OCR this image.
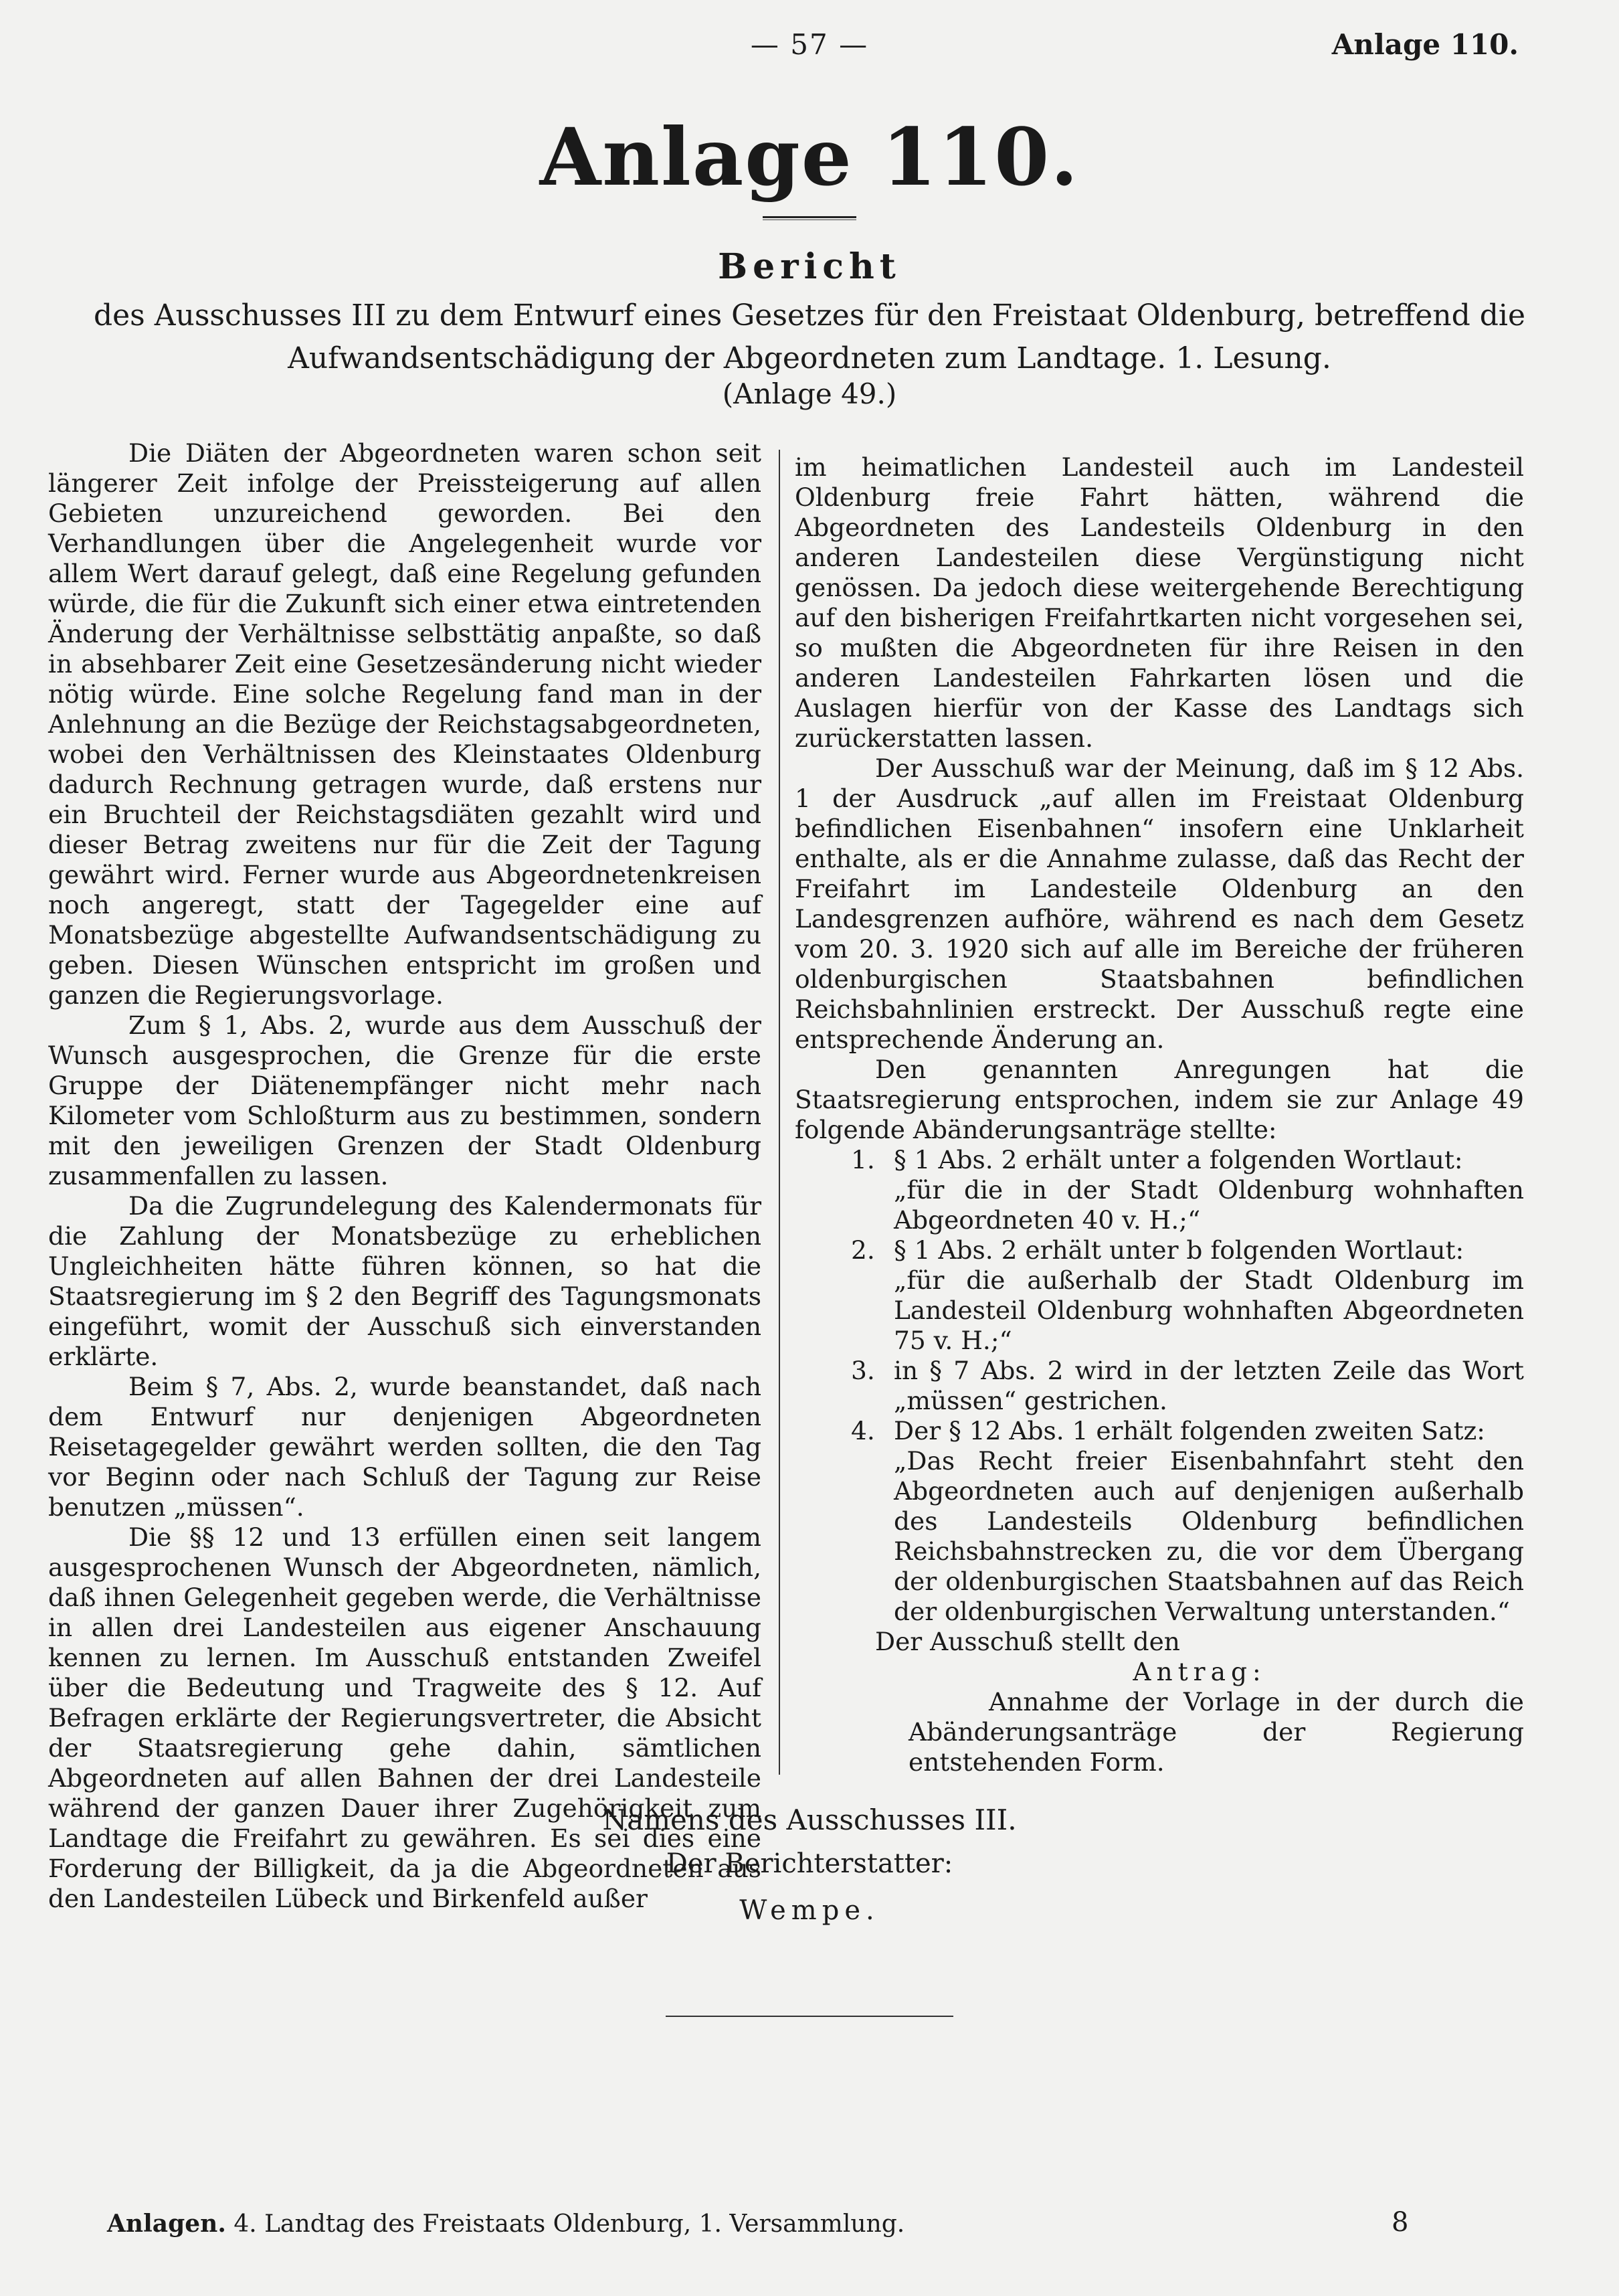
— 57 —	Anlage 110.
Anlage 110.
Bericht
des Ausschusses III zu dem Entwurf eines Gesetzes für den Freistaat Oldenburg, betreffend die Aufwandsentschädigung der Abgeordneten zum Landtage. 1. Lesung.
(Anlage 49.)

Die Diäten der Abgeordneten waren schon seit längerer Zeit infolge der Preissteigerung auf allen Gebieten unzureichend geworden. Bei den Verhandlungen über die Angelegenheit wurde vor allem Wert darauf gelegt, daß eine Regelung gefunden würde, die für die Zukunft sich einer etwa eintretenden Änderung der Verhältnisse selbsttätig anpaßte, so daß in absehbarer Zeit eine Gesetzesänderung nicht wieder nötig würde. Eine solche Regelung fand man in der Anlehnung an die Bezüge der Reichstagsabgeordneten, wobei den Verhältnissen des Kleinstaates Oldenburg dadurch Rechnung getragen wurde, daß erstens nur ein Bruchteil der Reichstagsdiäten gezahlt wird und dieser Betrag zweitens nur für die Zeit der Tagung gewährt wird. Ferner wurde aus Abgeordnetenkreisen noch angeregt, statt der Tagegelder eine auf Monatsbezüge abgestellte Aufwandsentschädigung zu geben. Diesen Wünschen entspricht im großen und ganzen die Regierungsvorlage.

Zum § 1, Abs. 2, wurde aus dem Ausschuß der Wunsch ausgesprochen, die Grenze für die erste Gruppe der Diätenempfänger nicht mehr nach Kilometer vom Schloßturm aus zu bestimmen, sondern mit den jeweiligen Grenzen der Stadt Oldenburg zusammenfallen zu lassen.

Da die Zugrundelegung des Kalendermonats für die Zahlung der Monatsbezüge zu erheblichen Ungleichheiten hätte führen können, so hat die Staatsregierung im § 2 den Begriff des Tagungsmonats eingeführt, womit der Ausschuß sich einverstanden erklärte.

Beim § 7, Abs. 2, wurde beanstandet, daß nach dem Entwurf nur denjenigen Abgeordneten Reisetagegelder gewährt werden sollten, die den Tag vor Beginn oder nach Schluß der Tagung zur Reise benutzen „müssen“.

Die §§ 12 und 13 erfüllen einen seit langem ausgesprochenen Wunsch der Abgeordneten, nämlich, daß ihnen Gelegenheit gegeben werde, die Verhältnisse in allen drei Landesteilen aus eigener Anschauung kennen zu lernen. Im Ausschuß entstanden Zweifel über die Bedeutung und Tragweite des § 12. Auf Befragen erklärte der Regierungsvertreter, die Absicht der Staatsregierung gehe dahin, sämtlichen Abgeordneten auf allen Bahnen der drei Landesteile während der ganzen Dauer ihrer Zugehörigkeit zum Landtage die Freifahrt zu gewähren. Es sei dies eine Forderung der Billigkeit, da ja die Abgeordneten aus den Landesteilen Lübeck und Birkenfeld außer

im heimatlichen Landesteil auch im Landesteil Oldenburg freie Fahrt hätten, während die Abgeordneten des Landesteils Oldenburg in den anderen Landesteilen diese Vergünstigung nicht genössen. Da jedoch diese weitergehende Berechtigung auf den bisherigen Freifahrtkarten nicht vorgesehen sei, so mußten die Abgeordneten für ihre Reisen in den anderen Landesteilen Fahrkarten lösen und die Auslagen hierfür von der Kasse des Landtags sich zurückerstatten lassen.

Der Ausschuß war der Meinung, daß im § 12 Abs. 1 der Ausdruck „auf allen im Freistaat Oldenburg befindlichen Eisenbahnen“ insofern eine Unklarheit enthalte, als er die Annahme zulasse, daß das Recht der Freifahrt im Landesteile Oldenburg an den Landesgrenzen aufhöre, während es nach dem Gesetz vom 20. 3. 1920 sich auf alle im Bereiche der früheren oldenburgischen Staatsbahnen befindlichen Reichsbahnlinien erstreckt. Der Ausschuß regte eine entsprechende Änderung an.

Den genannten Anregungen hat die Staatsregierung entsprochen, indem sie zur Anlage 49 folgende Abänderungsanträge stellte:

1. § 1 Abs. 2 erhält unter a folgenden Wortlaut:
„für die in der Stadt Oldenburg wohnhaften Abgeordneten 40 v. H.;“
2. § 1 Abs. 2 erhält unter b folgenden Wortlaut:
„für die außerhalb der Stadt Oldenburg im Landesteil Oldenburg wohnhaften Abgeordneten 75 v. H.;“
3. in § 7 Abs. 2 wird in der letzten Zeile das Wort „müssen“ gestrichen.
4. Der § 12 Abs. 1 erhält folgenden zweiten Satz:
„Das Recht freier Eisenbahnfahrt steht den Abgeordneten auch auf denjenigen außerhalb des Landesteils Oldenburg befindlichen Reichsbahnstrecken zu, die vor dem Übergang der oldenburgischen Staatsbahnen auf das Reich der oldenburgischen Verwaltung unterstanden.“

Der Ausschuß stellt den

Antrag:

Annahme der Vorlage in der durch die Abänderungsanträge der Regierung entstehenden Form.

Namens des Ausschusses III.
Der Berichterstatter:
Wempe.
Anlagen. 4. Landtag des Freistaats Oldenburg, 1. Versammlung.	8
